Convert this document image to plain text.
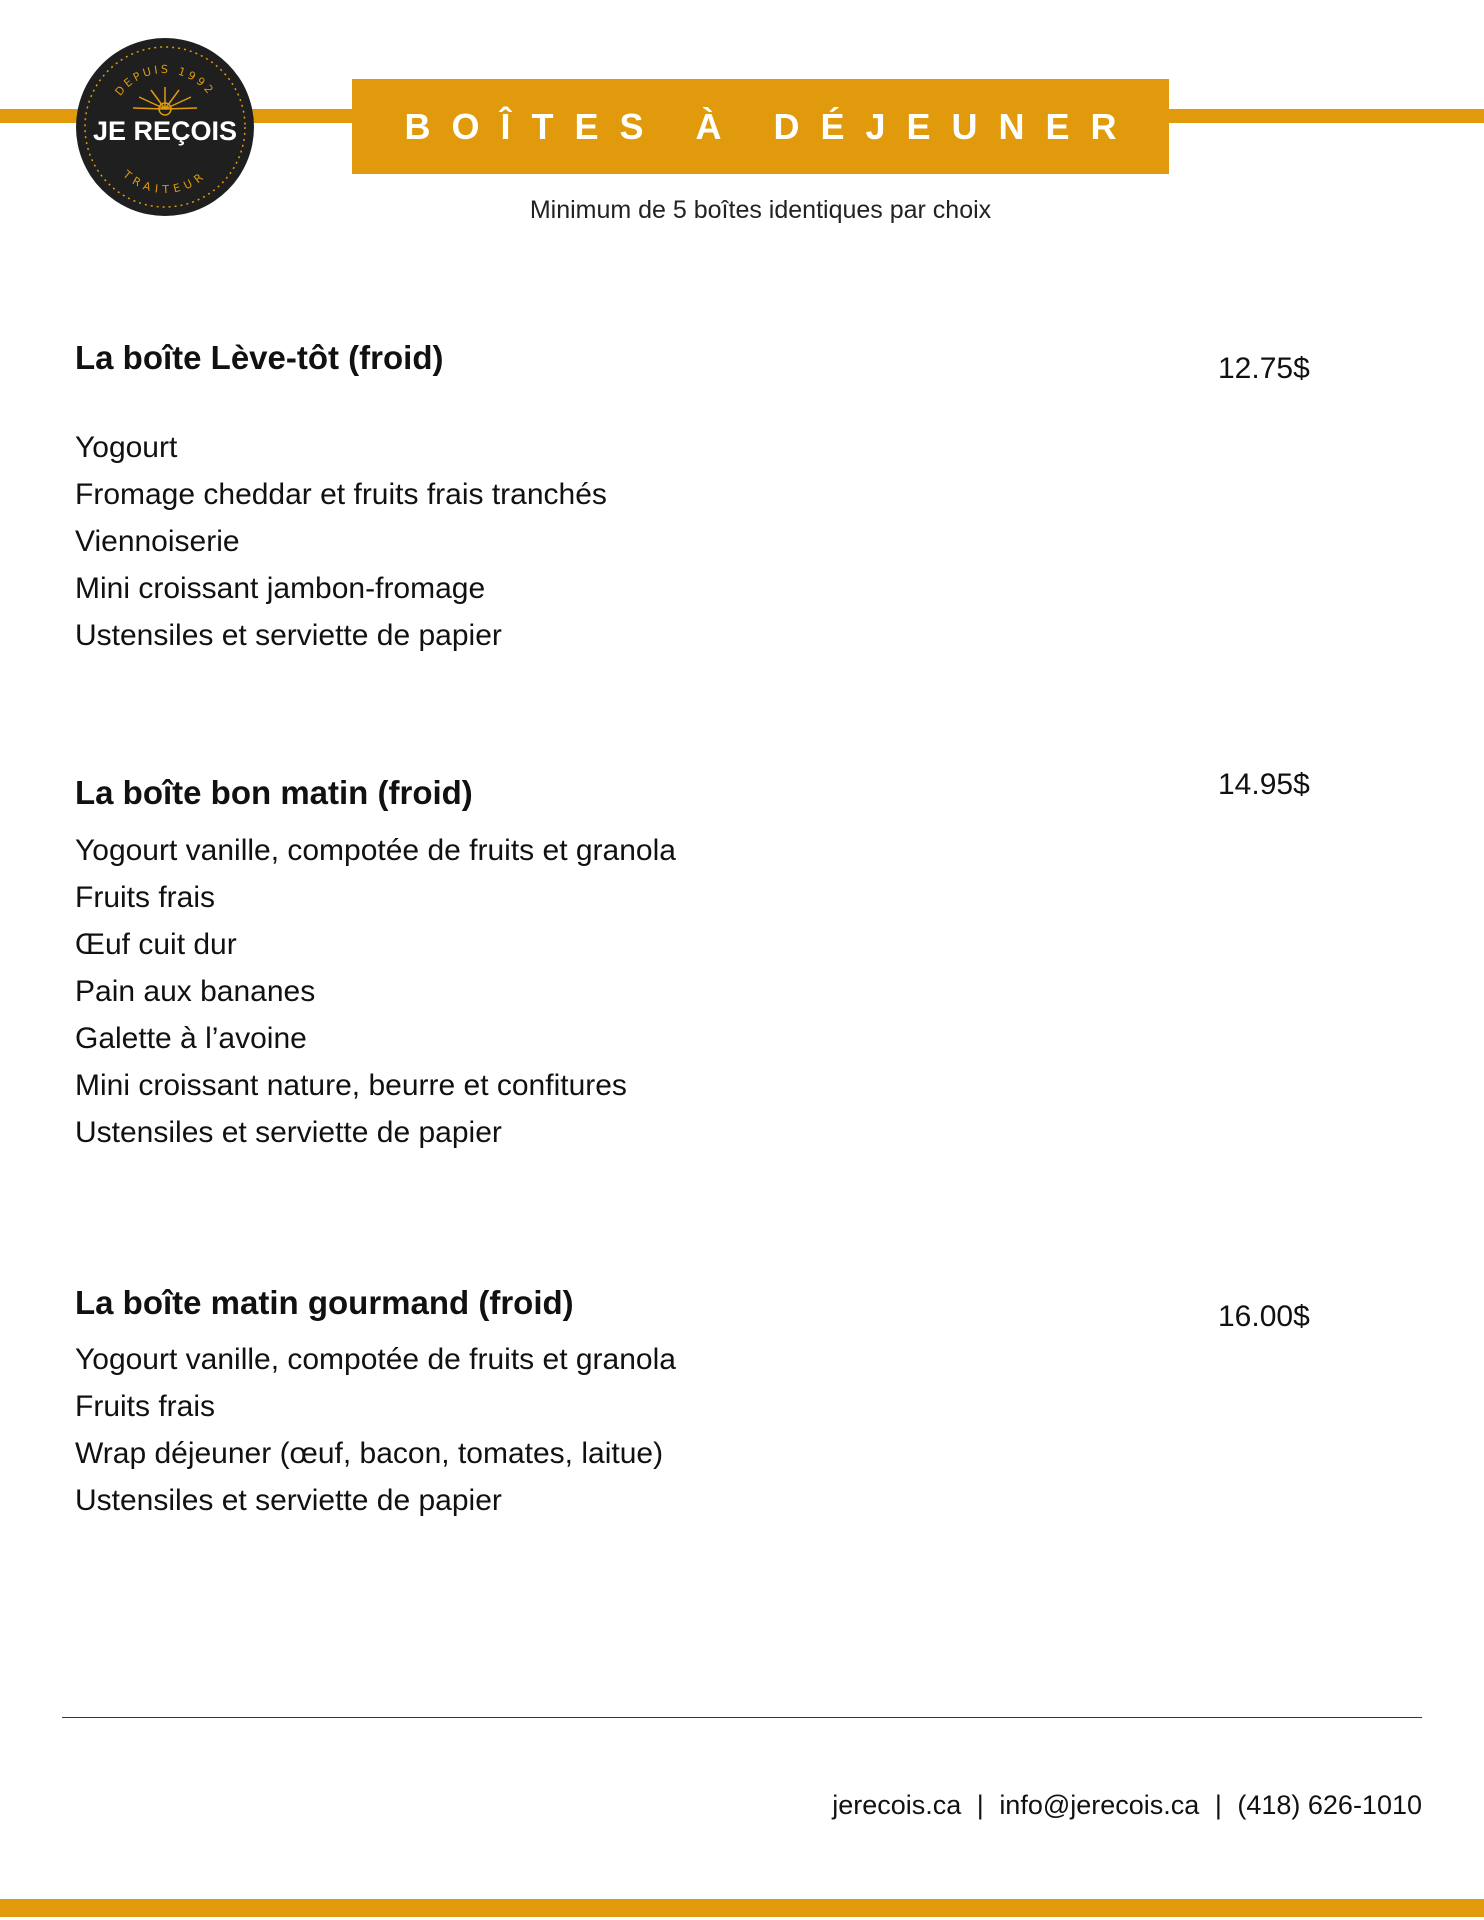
BOÎTES À DÉJEUNER
DEPUIS 1992
JE REÇOIS
TRAITEUR
Minimum de 5 boîtes identiques par choix
La boîte Lève-tôt (froid)
Yogourt
Fromage cheddar et fruits frais tranchés
Viennoiserie
Mini croissant jambon-fromage
Ustensiles et serviette de papier
12.75$
La boîte bon matin (froid)
Yogourt vanille, compotée de fruits et granola
Fruits frais
Œuf cuit dur
Pain aux bananes
Galette à l’avoine
Mini croissant nature, beurre et confitures
Ustensiles et serviette de papier
14.95$
La boîte matin gourmand (froid)
Yogourt vanille, compotée de fruits et granola
Fruits frais
Wrap déjeuner (œuf, bacon, tomates, laitue)
Ustensiles et serviette de papier
16.00$
jerecois.ca | info@jerecois.ca | (418) 626-1010
